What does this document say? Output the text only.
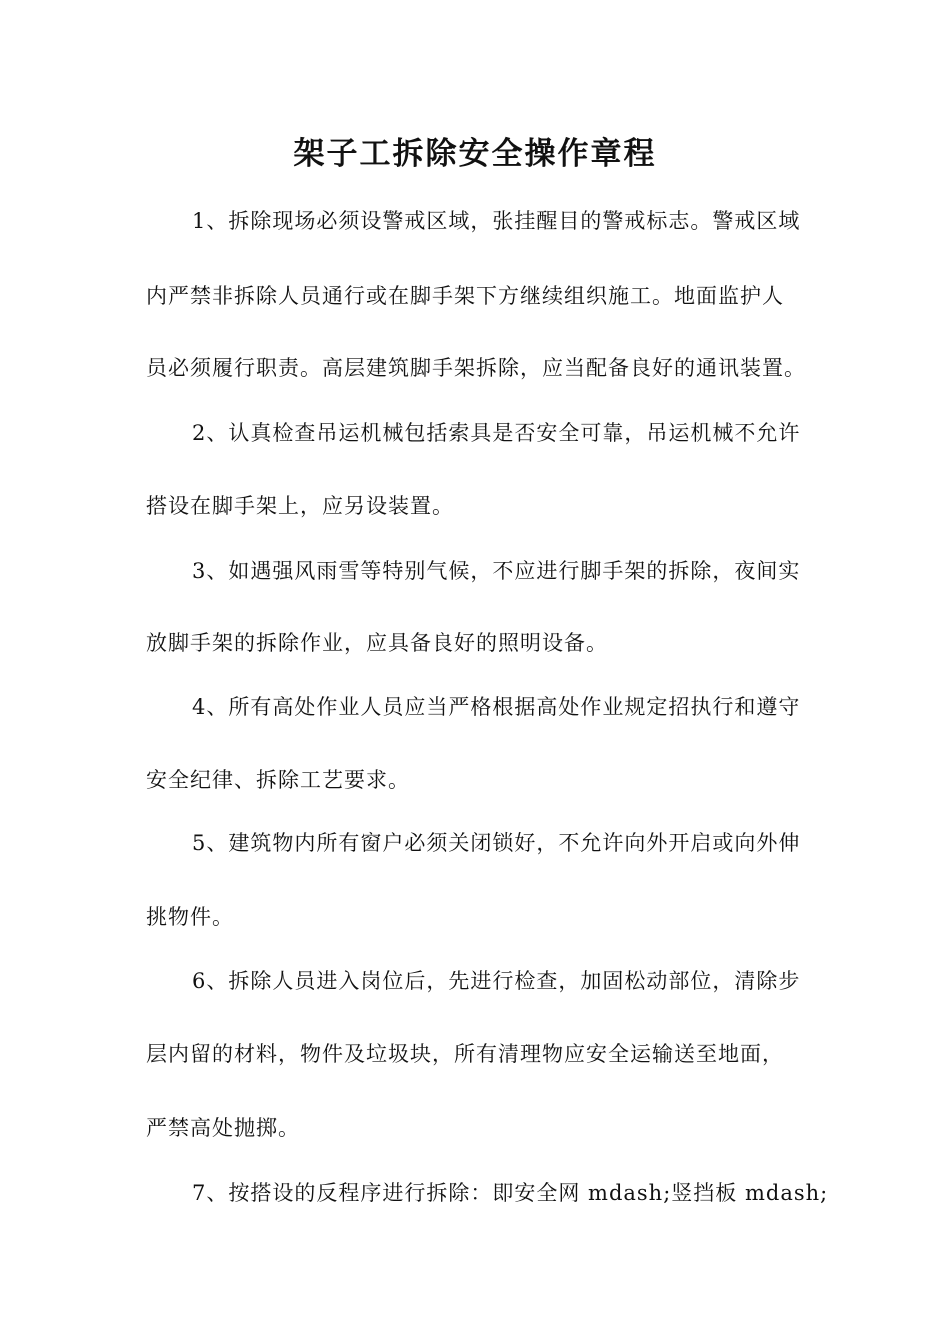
架子工拆除安全操作章程
1、拆除现场必须设警戒区域，张挂醒目的警戒标志。警戒区域
内严禁非拆除人员通行或在脚手架下方继续组织施工。地面监护人
员必须履行职责。高层建筑脚手架拆除，应当配备良好的通讯装置。
2、认真检查吊运机械包括索具是否安全可靠，吊运机械不允许
搭设在脚手架上，应另设装置。
3、如遇强风雨雪等特别气候，不应进行脚手架的拆除，夜间实
放脚手架的拆除作业，应具备良好的照明设备。
4、所有高处作业人员应当严格根据高处作业规定招执行和遵守
安全纪律、拆除工艺要求。
5、建筑物内所有窗户必须关闭锁好，不允许向外开启或向外伸
挑物件。
6、拆除人员进入岗位后，先进行检查，加固松动部位，清除步
层内留的材料，物件及垃圾块，所有清理物应安全运输送至地面，
严禁高处抛掷。
7、按搭设的反程序进行拆除：即安全网 mdash;竖挡板 mdash;
